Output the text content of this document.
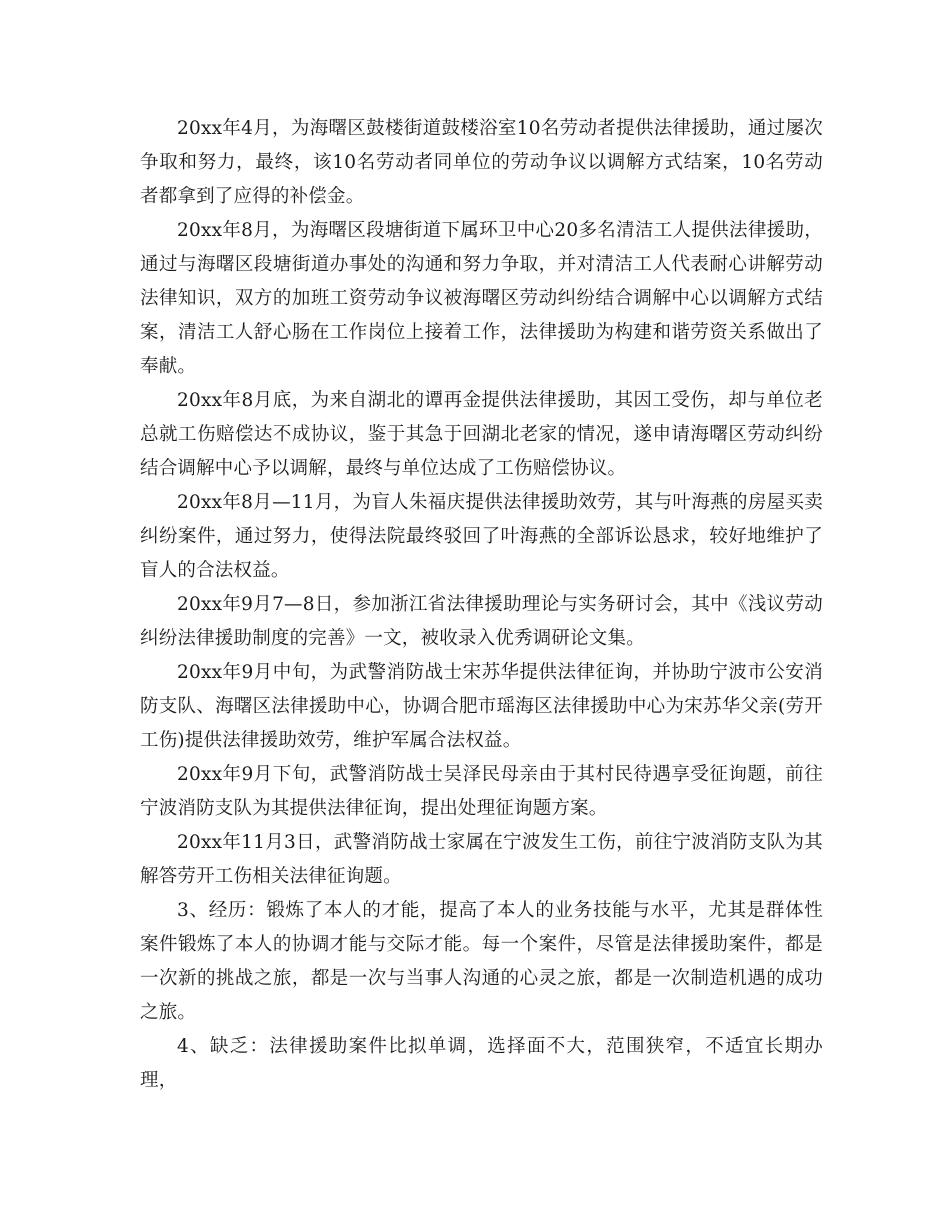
20xx年4月，为海曙区鼓楼街道鼓楼浴室10名劳动者提供法律援助，通过屡次争取和努力，最终，该10名劳动者同单位的劳动争议以调解方式结案，10名劳动者都拿到了应得的补偿金。

20xx年8月，为海曙区段塘街道下属环卫中心20多名清洁工人提供法律援助，通过与海曙区段塘街道办事处的沟通和努力争取，并对清洁工人代表耐心讲解劳动法律知识，双方的加班工资劳动争议被海曙区劳动纠纷结合调解中心以调解方式结案，清洁工人舒心肠在工作岗位上接着工作，法律援助为构建和谐劳资关系做出了奉献。

20xx年8月底，为来自湖北的谭再金提供法律援助，其因工受伤，却与单位老总就工伤赔偿达不成协议，鉴于其急于回湖北老家的情况，遂申请海曙区劳动纠纷结合调解中心予以调解，最终与单位达成了工伤赔偿协议。

20xx年8月—11月，为盲人朱福庆提供法律援助效劳，其与叶海燕的房屋买卖纠纷案件，通过努力，使得法院最终驳回了叶海燕的全部诉讼恳求，较好地维护了盲人的合法权益。

20xx年9月7—8日，参加浙江省法律援助理论与实务研讨会，其中《浅议劳动纠纷法律援助制度的完善》一文，被收录入优秀调研论文集。

20xx年9月中旬，为武警消防战士宋苏华提供法律征询，并协助宁波市公安消防支队、海曙区法律援助中心，协调合肥市瑶海区法律援助中心为宋苏华父亲(劳开工伤)提供法律援助效劳，维护军属合法权益。

20xx年9月下旬，武警消防战士吴泽民母亲由于其村民待遇享受征询题，前往宁波消防支队为其提供法律征询，提出处理征询题方案。

20xx年11月3日，武警消防战士家属在宁波发生工伤，前往宁波消防支队为其解答劳开工伤相关法律征询题。

3、经历：锻炼了本人的才能，提高了本人的业务技能与水平，尤其是群体性案件锻炼了本人的协调才能与交际才能。每一个案件，尽管是法律援助案件，都是一次新的挑战之旅，都是一次与当事人沟通的心灵之旅，都是一次制造机遇的成功之旅。

4、缺乏：法律援助案件比拟单调，选择面不大，范围狭窄，不适宜长期办理，
